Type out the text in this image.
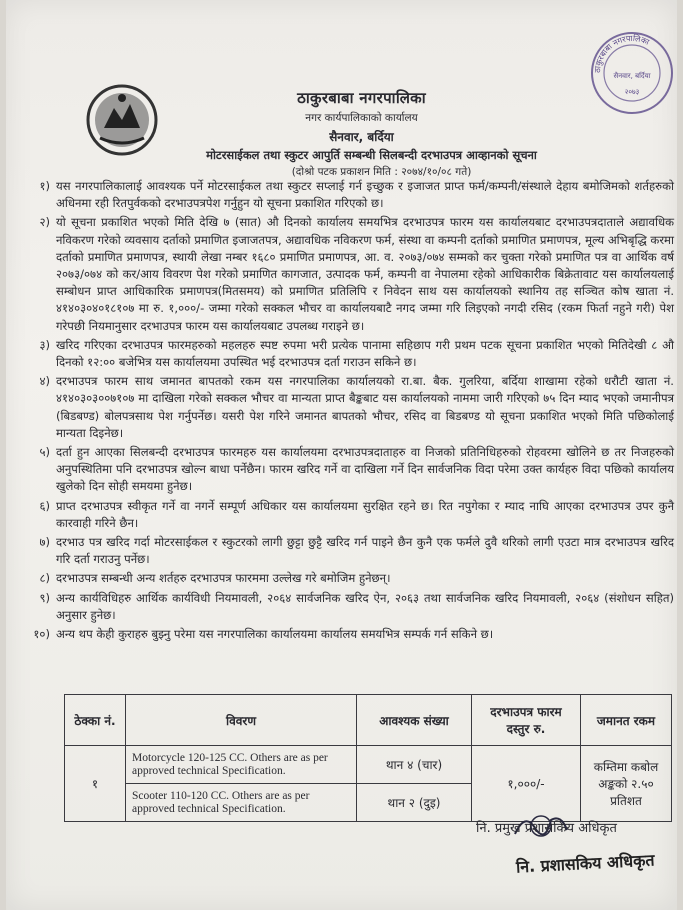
ठाकुरबाबा नगरपालिका
सैनवार, बर्दिया
२०७३
ठाकुरबाबा नगरपालिका
नगर कार्यपालिकाको कार्यालय
सैनवार, बर्दिया
मोटरसाईकल तथा स्कुटर आपुर्ति सम्बन्धी सिलबन्दी दरभाउपत्र आव्हानको सूचना
(दोश्रो पटक प्रकाशन मिति : २०७४/१०/०८ गते)
१) यस नगरपालिकालाई आवश्यक पर्ने मोटरसाईकल तथा स्कुटर सप्लाई गर्न इच्छुक र इजाजत प्राप्त फर्म/कम्पनी/संस्थाले देहाय बमोजिमको शर्तहरुको अधिनमा रही रितपुर्वकको दरभाउपत्रपेश गर्नुहुन यो सूचना प्रकाशित गरिएको छ।
२) यो सूचना प्रकाशित भएको मिति देखि ७ (सात) औ दिनको कार्यालय समयभित्र दरभाउपत्र फारम यस कार्यालयबाट दरभाउपत्रदाताले अद्यावधिक नविकरण गरेको व्यवसाय दर्ताको प्रमाणित इजाजतपत्र, अद्यावधिक नविकरण फर्म, संस्था वा कम्पनी दर्ताको प्रमाणित प्रमाणपत्र, मूल्य अभिबृद्धि करमा दर्ताको प्रमाणित प्रमाणपत्र, स्थायी लेखा नम्बर १६८० प्रमाणित प्रमाणपत्र, आ. व. २०७३/०७४ सम्मको कर चुक्ता गरेको प्रमाणित पत्र वा आर्थिक वर्ष २०७३/०७४ को कर/आय विवरण पेश गरेको प्रमाणित कागजात, उत्पादक फर्म, कम्पनी वा नेपालमा रहेको आधिकारीक बिक्रेतावाट यस कार्यालयलाई सम्बोधन प्राप्त आधिकारिक प्रमाणपत्र(मितसमय) को प्रमाणित प्रतिलिपि र निवेदन साथ यस कार्यालयको स्थानिय तह सञ्चित कोष खाता नं. ४१४०३०४०१८१०७ मा रु. १,०००/- जम्मा गरेको सक्कल भौचर वा कार्यालयबाटै नगद जम्मा गरि लिइएको नगदी रसिद (रकम फिर्ता नहुने गरी) पेश गरेपछी नियमानुसार दरभाउपत्र फारम यस कार्यालयबाट उपलब्ध गराइने छ।
३) खरिद गरिएका दरभाउपत्र फारमहरुको महलहरु स्पष्ट रुपमा भरी प्रत्येक पानामा सहिछाप गरी प्रथम पटक सूचना प्रकाशित भएको मितिदेखी ८ औ दिनको १२:०० बजेभित्र यस कार्यालयमा उपस्थित भई दरभाउपत्र दर्ता गराउन सकिने छ।
४) दरभाउपत्र फारम साथ जमानत बापतको रकम यस नगरपालिका कार्यालयको रा.बा. बैक. गुलरिया, बर्दिया शाखामा रहेको धरौटी खाता नं. ४१४०३०३००७१०७ मा दाखिला गरेको सक्कल भौचर वा मान्यता प्राप्त बैङ्कबाट यस कार्यालयको नाममा जारी गरिएको ७५ दिन म्याद भएको जमानीपत्र (बिडबण्ड) बोलपत्रसाथ पेश गर्नुपर्नेछ। यसरी पेश गरिने जमानत बापतको भौचर, रसिद वा बिडबण्ड यो सूचना प्रकाशित भएको मिति पछिकोलाई मान्यता दिइनेछ।
५) दर्ता हुन आएका सिलबन्दी दरभाउपत्र फारमहरु यस कार्यालयमा दरभाउपत्रदाताहरु वा निजको प्रतिनिधिहरुको रोहवरमा खोलिने छ तर निजहरुको अनुपस्थितिमा पनि दरभाउपत्र खोल्न बाधा पर्नेछैन। फारम खरिद गर्ने वा दाखिला गर्ने दिन सार्वजनिक विदा परेमा उक्त कार्यहरु विदा पछिको कार्यालय खुलेको दिन सोही समयमा हुनेछ।
६) प्राप्त दरभाउपत्र स्वीकृत गर्ने वा नगर्ने सम्पूर्ण अधिकार यस कार्यालयमा सुरक्षित रहने छ। रित नपुगेका र म्याद नाघि आएका दरभाउपत्र उपर कुनै कारवाही गरिने छैन।
७) दरभाउ पत्र खरिद गर्दा मोटरसाईकल र स्कुटरको लागी छुट्टा छुट्टै खरिद गर्न पाइने छैन कुनै एक फर्मले दुवै थरिको लागी एउटा मात्र दरभाउपत्र खरिद गरि दर्ता गराउनु पर्नेछ।
८) दरभाउपत्र सम्बन्धी अन्य शर्तहरु दरभाउपत्र फारममा उल्लेख गरे बमोजिम हुनेछन्।
९) अन्य कार्यविधिहरु आर्थिक कार्यविधी नियमावली, २०६४ सार्वजनिक खरिद ऐन, २०६३ तथा सार्वजनिक खरिद नियमावली, २०६४ (संशोधन सहित) अनुसार हुनेछ।
१०) अन्य थप केही कुराहरु बुझ्नु परेमा यस नगरपालिका कार्यालयमा कार्यालय समयभित्र सम्पर्क गर्न सकिने छ।
ठेक्का नं.	विवरण	आवश्यक संख्या	दरभाउपत्र फारम दस्तुर रु.	जमानत रकम
१	Motorcycle 120-125 CC. Others are as per approved technical Specification.	थान ४ (चार)	१,०००/-	कम्तिमा कबोल अङ्कको २.५० प्रतिशत
	Scooter 110-120 CC. Others are as per approved technical Specification.	थान २ (दुइ)		
नि. प्रमुख प्रशासकिय अधिकृत
नि. प्रशासकिय अधिकृत
